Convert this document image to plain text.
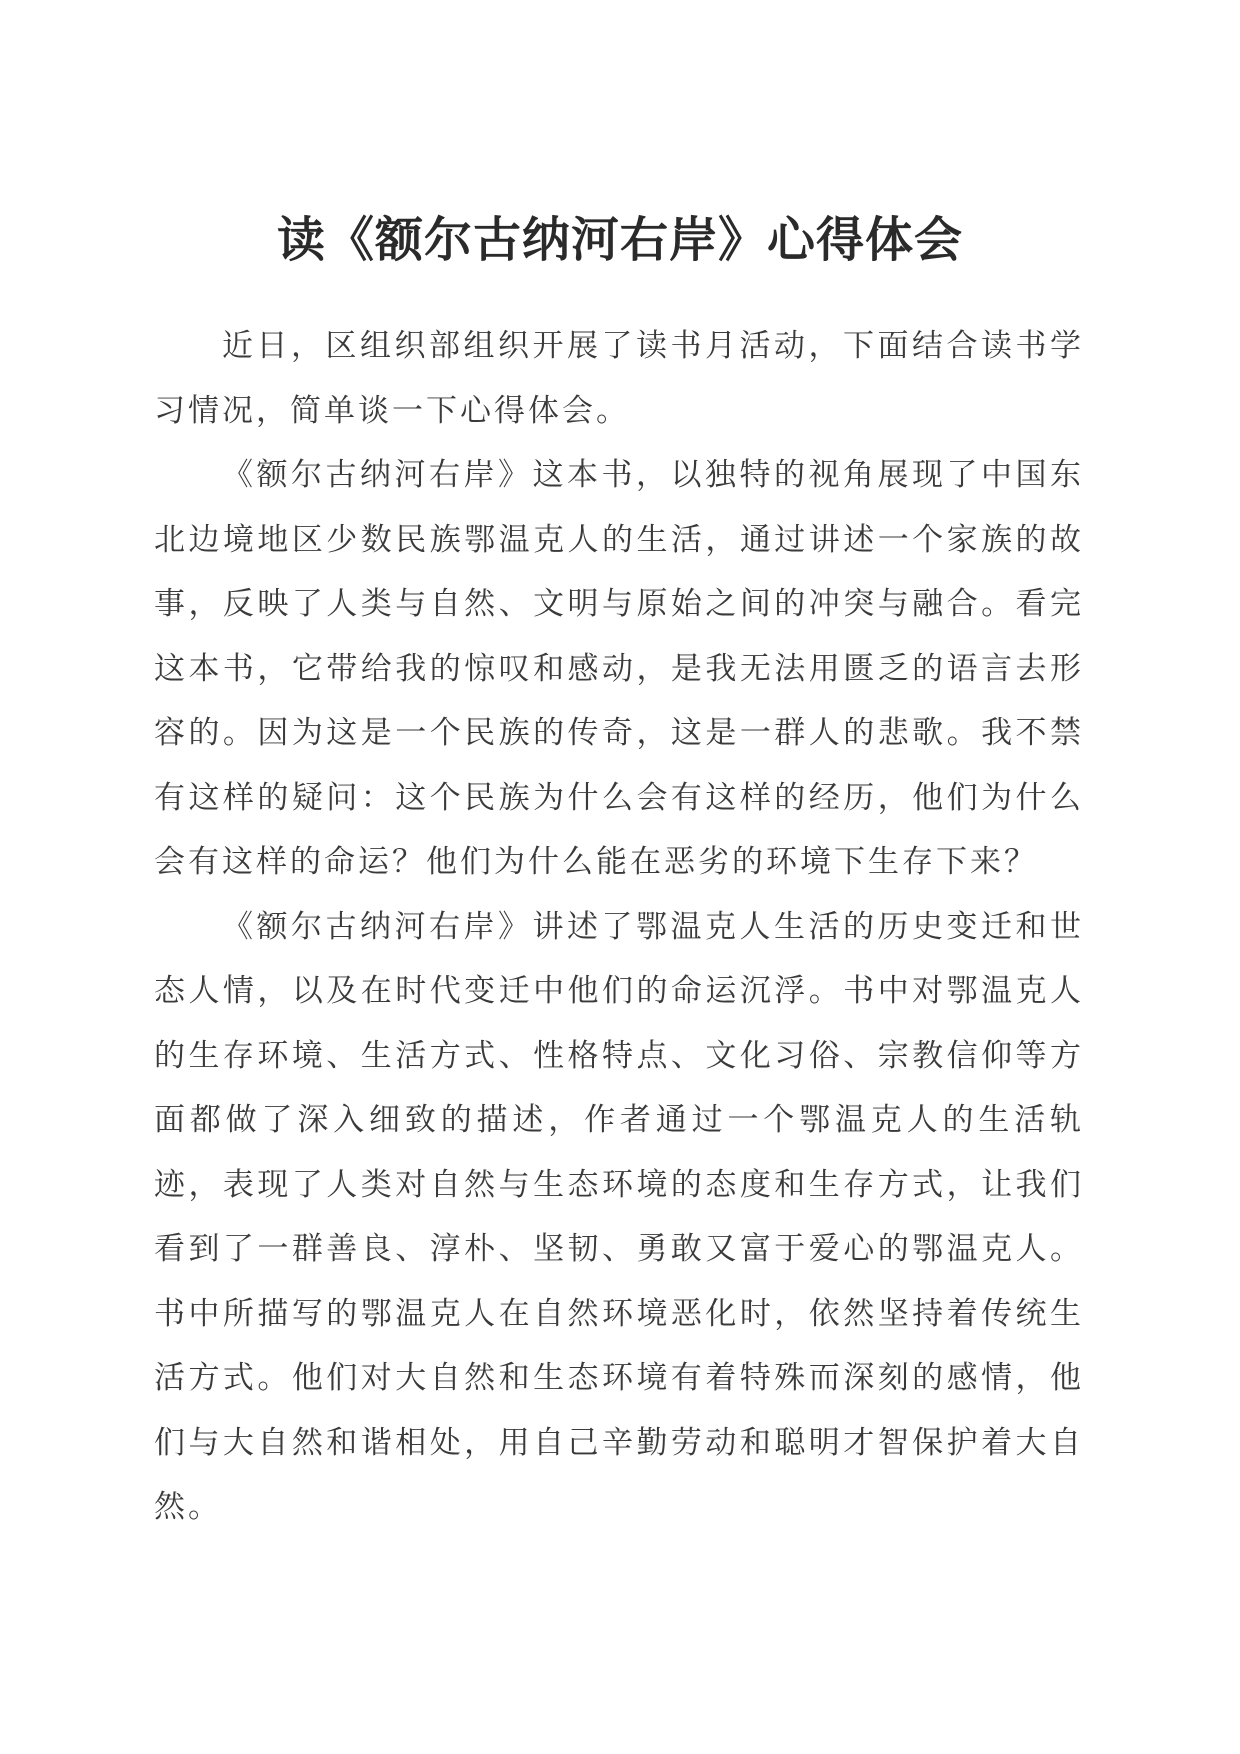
读《额尔古纳河右岸》心得体会

近日，区组织部组织开展了读书月活动，下面结合读书学习情况，简单谈一下心得体会。

《额尔古纳河右岸》这本书，以独特的视角展现了中国东北边境地区少数民族鄂温克人的生活，通过讲述一个家族的故事，反映了人类与自然、文明与原始之间的冲突与融合。看完这本书，它带给我的惊叹和感动，是我无法用匮乏的语言去形容的。因为这是一个民族的传奇，这是一群人的悲歌。我不禁有这样的疑问：这个民族为什么会有这样的经历，他们为什么会有这样的命运？他们为什么能在恶劣的环境下生存下来？

《额尔古纳河右岸》讲述了鄂温克人生活的历史变迁和世态人情，以及在时代变迁中他们的命运沉浮。书中对鄂温克人的生存环境、生活方式、性格特点、文化习俗、宗教信仰等方面都做了深入细致的描述，作者通过一个鄂温克人的生活轨迹，表现了人类对自然与生态环境的态度和生存方式，让我们看到了一群善良、淳朴、坚韧、勇敢又富于爱心的鄂温克人。书中所描写的鄂温克人在自然环境恶化时，依然坚持着传统生活方式。他们对大自然和生态环境有着特殊而深刻的感情，他们与大自然和谐相处，用自己辛勤劳动和聪明才智保护着大自然。
